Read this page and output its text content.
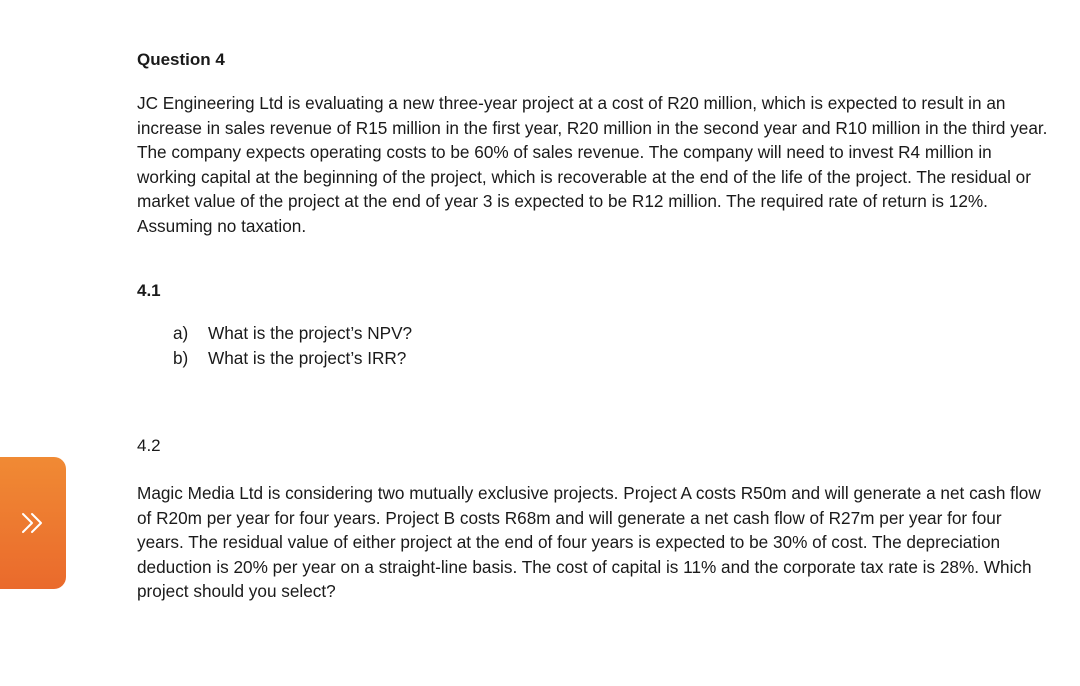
Question 4

JC Engineering Ltd is evaluating a new three-year project at a cost of R20 million, which is expected to result in an increase in sales revenue of R15 million in the first year, R20 million in the second year and R10 million in the third year. The company expects operating costs to be 60% of sales revenue. The company will need to invest R4 million in working capital at the beginning of the project, which is recoverable at the end of the life of the project. The residual or market value of the project at the end of year 3 is expected to be R12 million. The required rate of return is 12%. Assuming no taxation.

4.1
a)	What is the project’s NPV?
b)	What is the project’s IRR?
4.2

Magic Media Ltd is considering two mutually exclusive projects. Project A costs R50m and will generate a net cash flow of R20m per year for four years. Project B costs R68m and will generate a net cash flow of R27m per year for four years. The residual value of either project at the end of four years is expected to be 30% of cost. The depreciation deduction is 20% per year on a straight-line basis. The cost of capital is 11% and the corporate tax rate is 28%. Which project should you select?
